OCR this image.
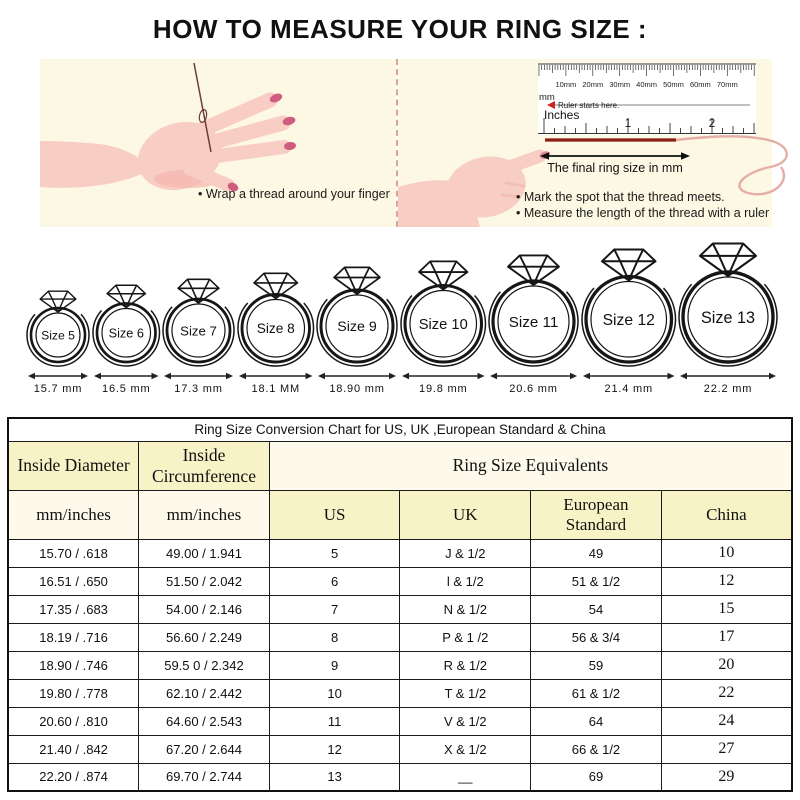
HOW TO MEASURE YOUR RING SIZE :
• Wrap a thread around your finger
10mm 20mm 30mm 40mm 50mm 60mm 70mm
mm
Ruler starts here.
Inches
1	2
The final ring size in mm
• Mark the spot that the thread meets.
• Measure the length of the thread with a ruler
Size 5
15.7 mm
Size 6
16.5 mm
Size 7
17.3 mm
Size 8
18.1 MM
Size 9
18.90 mm
Size 10
19.8 mm
Size 11
20.6 mm
Size 12
21.4 mm
Size 13
22.2 mm
Ring Size Conversion Chart for US, UK ,European Standard & China					
Inside Diameter	Inside Circumference	Ring Size Equivalents			
mm/inches	mm/inches	US	UK	European Standard	China
15.70 / .618	49.00 / 1.941	5	J & 1/2	49	10
16.51 / .650	51.50 / 2.042	6	l & 1/2	51 & 1/2	12
17.35 / .683	54.00 / 2.146	7	N & 1/2	54	15
18.19 / .716	56.60 / 2.249	8	P & 1 /2	56 & 3/4	17
18.90 / .746	59.5 0 / 2.342	9	R & 1/2	59	20
19.80 / .778	62.10 / 2.442	10	T & 1/2	61 & 1/2	22
20.60 / .810	64.60 / 2.543	11	V & 1/2	64	24
21.40 / .842	67.20 / 2.644	12	X & 1/2	66 & 1/2	27
22.20 / .874	69.70 / 2.744	13	__	69	29
